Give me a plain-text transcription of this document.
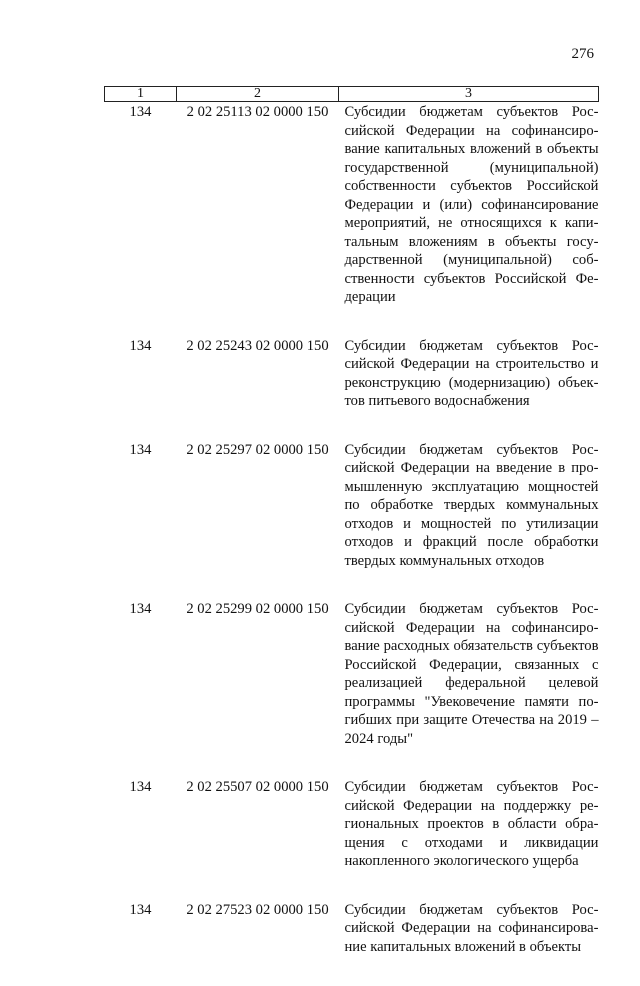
276
1	2	3
134	2 02 25113 02 0000 150	Субсидии бюджетам субъектов Российской Федерации на софинансирование капитальных вложений в объекты государственной (муниципальной) собственности субъектов Российской Федерации и (или) софинансирование мероприятий, не относящихся к капитальным вложениям в объекты государственной (муниципальной) собственности субъектов Российской Федерации
134	2 02 25243 02 0000 150	Субсидии бюджетам субъектов Российской Федерации на строительство и реконструкцию (модернизацию) объектов питьевого водоснабжения
134	2 02 25297 02 0000 150	Субсидии бюджетам субъектов Российской Федерации на введение в промышленную эксплуатацию мощностей по обработке твердых коммунальных отходов и мощностей по утилизации отходов и фракций после обработки твердых коммунальных отходов
134	2 02 25299 02 0000 150	Субсидии бюджетам субъектов Российской Федерации на софинансирование расходных обязательств субъектов Российской Федерации, связанных с реализацией федеральной целевой программы "Увековечение памяти погибших при защите Отечества на 2019 – 2024 годы"
134	2 02 25507 02 0000 150	Субсидии бюджетам субъектов Российской Федерации на поддержку региональных проектов в области обращения с отходами и ликвидации накопленного экологического ущерба
134	2 02 27523 02 0000 150	Субсидии бюджетам субъектов Российской Федерации на софинансирование капитальных вложений в объекты
